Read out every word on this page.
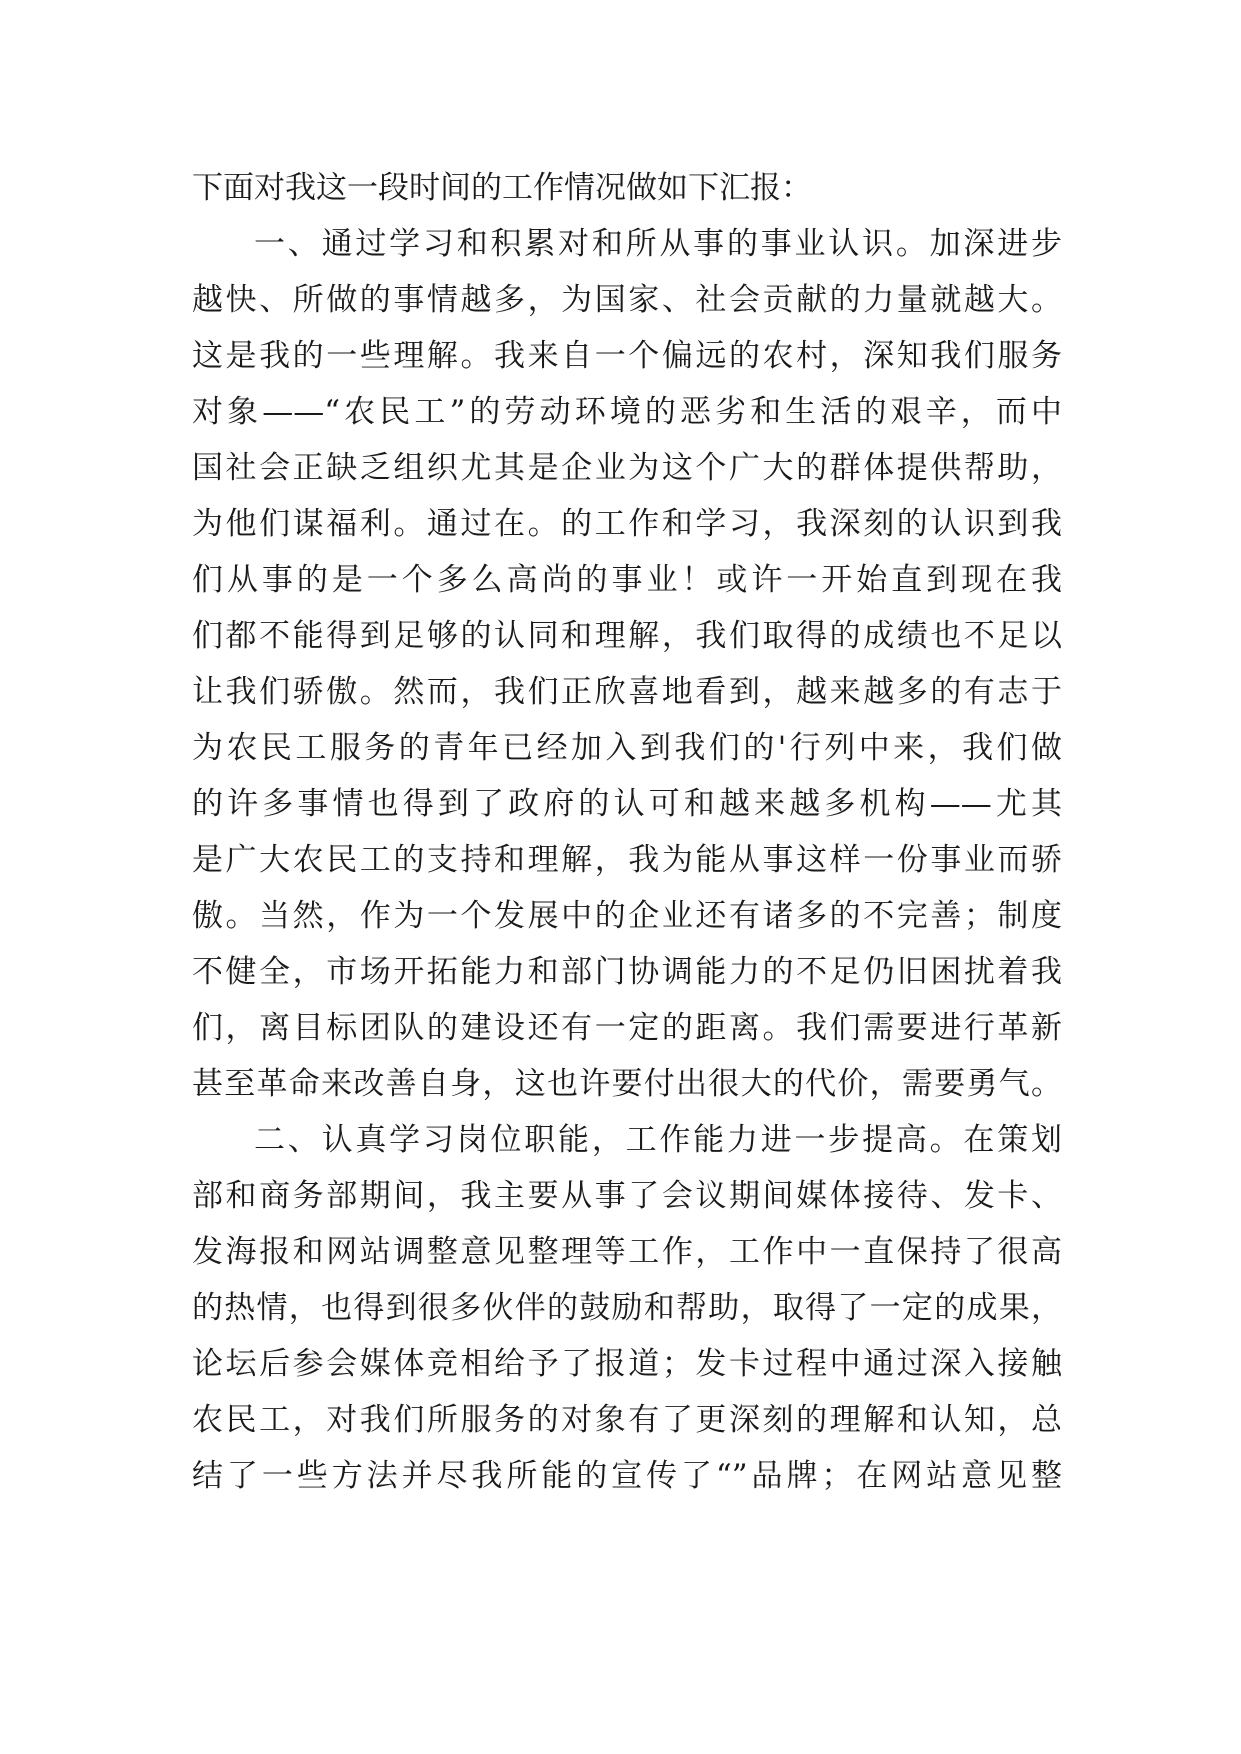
下面对我这一段时间的工作情况做如下汇报：
一、通过学习和积累对和所从事的事业认识。加深进步
越快、所做的事情越多，为国家、社会贡献的力量就越大。
这是我的一些理解。我来自一个偏远的农村，深知我们服务
对象——“农民工”的劳动环境的恶劣和生活的艰辛，而中
国社会正缺乏组织尤其是企业为这个广大的群体提供帮助，
为他们谋福利。通过在。的工作和学习，我深刻的认识到我
们从事的是一个多么高尚的事业！或许一开始直到现在我
们都不能得到足够的认同和理解，我们取得的成绩也不足以
让我们骄傲。然而，我们正欣喜地看到，越来越多的有志于
为农民工服务的青年已经加入到我们的'行列中来，我们做
的许多事情也得到了政府的认可和越来越多机构——尤其
是广大农民工的支持和理解，我为能从事这样一份事业而骄
傲。当然，作为一个发展中的企业还有诸多的不完善；制度
不健全，市场开拓能力和部门协调能力的不足仍旧困扰着我
们，离目标团队的建设还有一定的距离。我们需要进行革新
甚至革命来改善自身，这也许要付出很大的代价，需要勇气。
二、认真学习岗位职能，工作能力进一步提高。在策划
部和商务部期间，我主要从事了会议期间媒体接待、发卡、
发海报和网站调整意见整理等工作，工作中一直保持了很高
的热情，也得到很多伙伴的鼓励和帮助，取得了一定的成果，
论坛后参会媒体竞相给予了报道；发卡过程中通过深入接触
农民工，对我们所服务的对象有了更深刻的理解和认知，总
结了一些方法并尽我所能的宣传了“”品牌；在网站意见整
